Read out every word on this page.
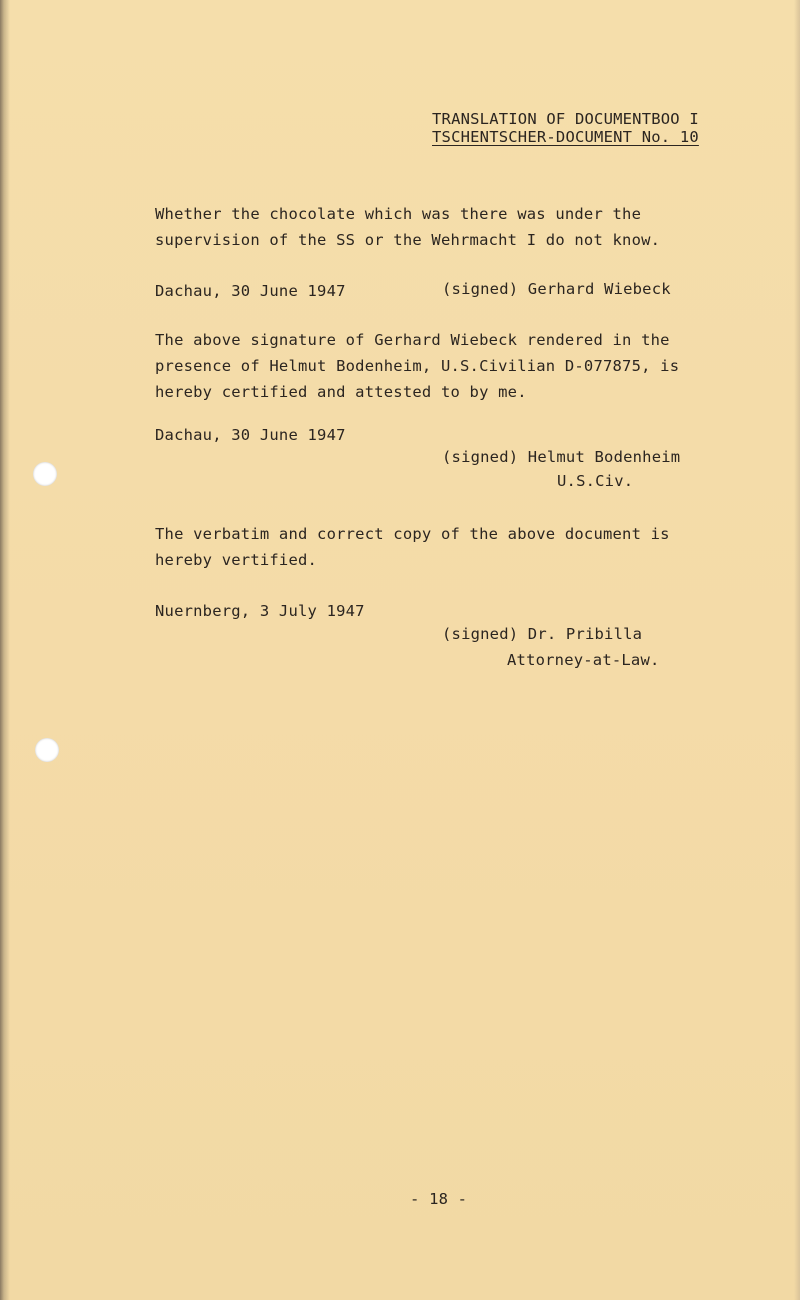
TRANSLATION OF DOCUMENTBOO I
TSCHENTSCHER-DOCUMENT No. 10
Whether the chocolate which was there was under the
supervision of the SS or the Wehrmacht I do not know.
Dachau, 30 June 1947	(signed) Gerhard Wiebeck
The above signature of Gerhard Wiebeck rendered in the
presence of Helmut Bodenheim, U.S.Civilian D-077875, is
hereby certified and attested to by me.
Dachau, 30 June 1947
(signed) Helmut Bodenheim
U.S.Civ.
The verbatim and correct copy of the above document is
hereby vertified.
Nuernberg, 3 July 1947
(signed) Dr. Pribilla
Attorney-at-Law.
- 18 -
